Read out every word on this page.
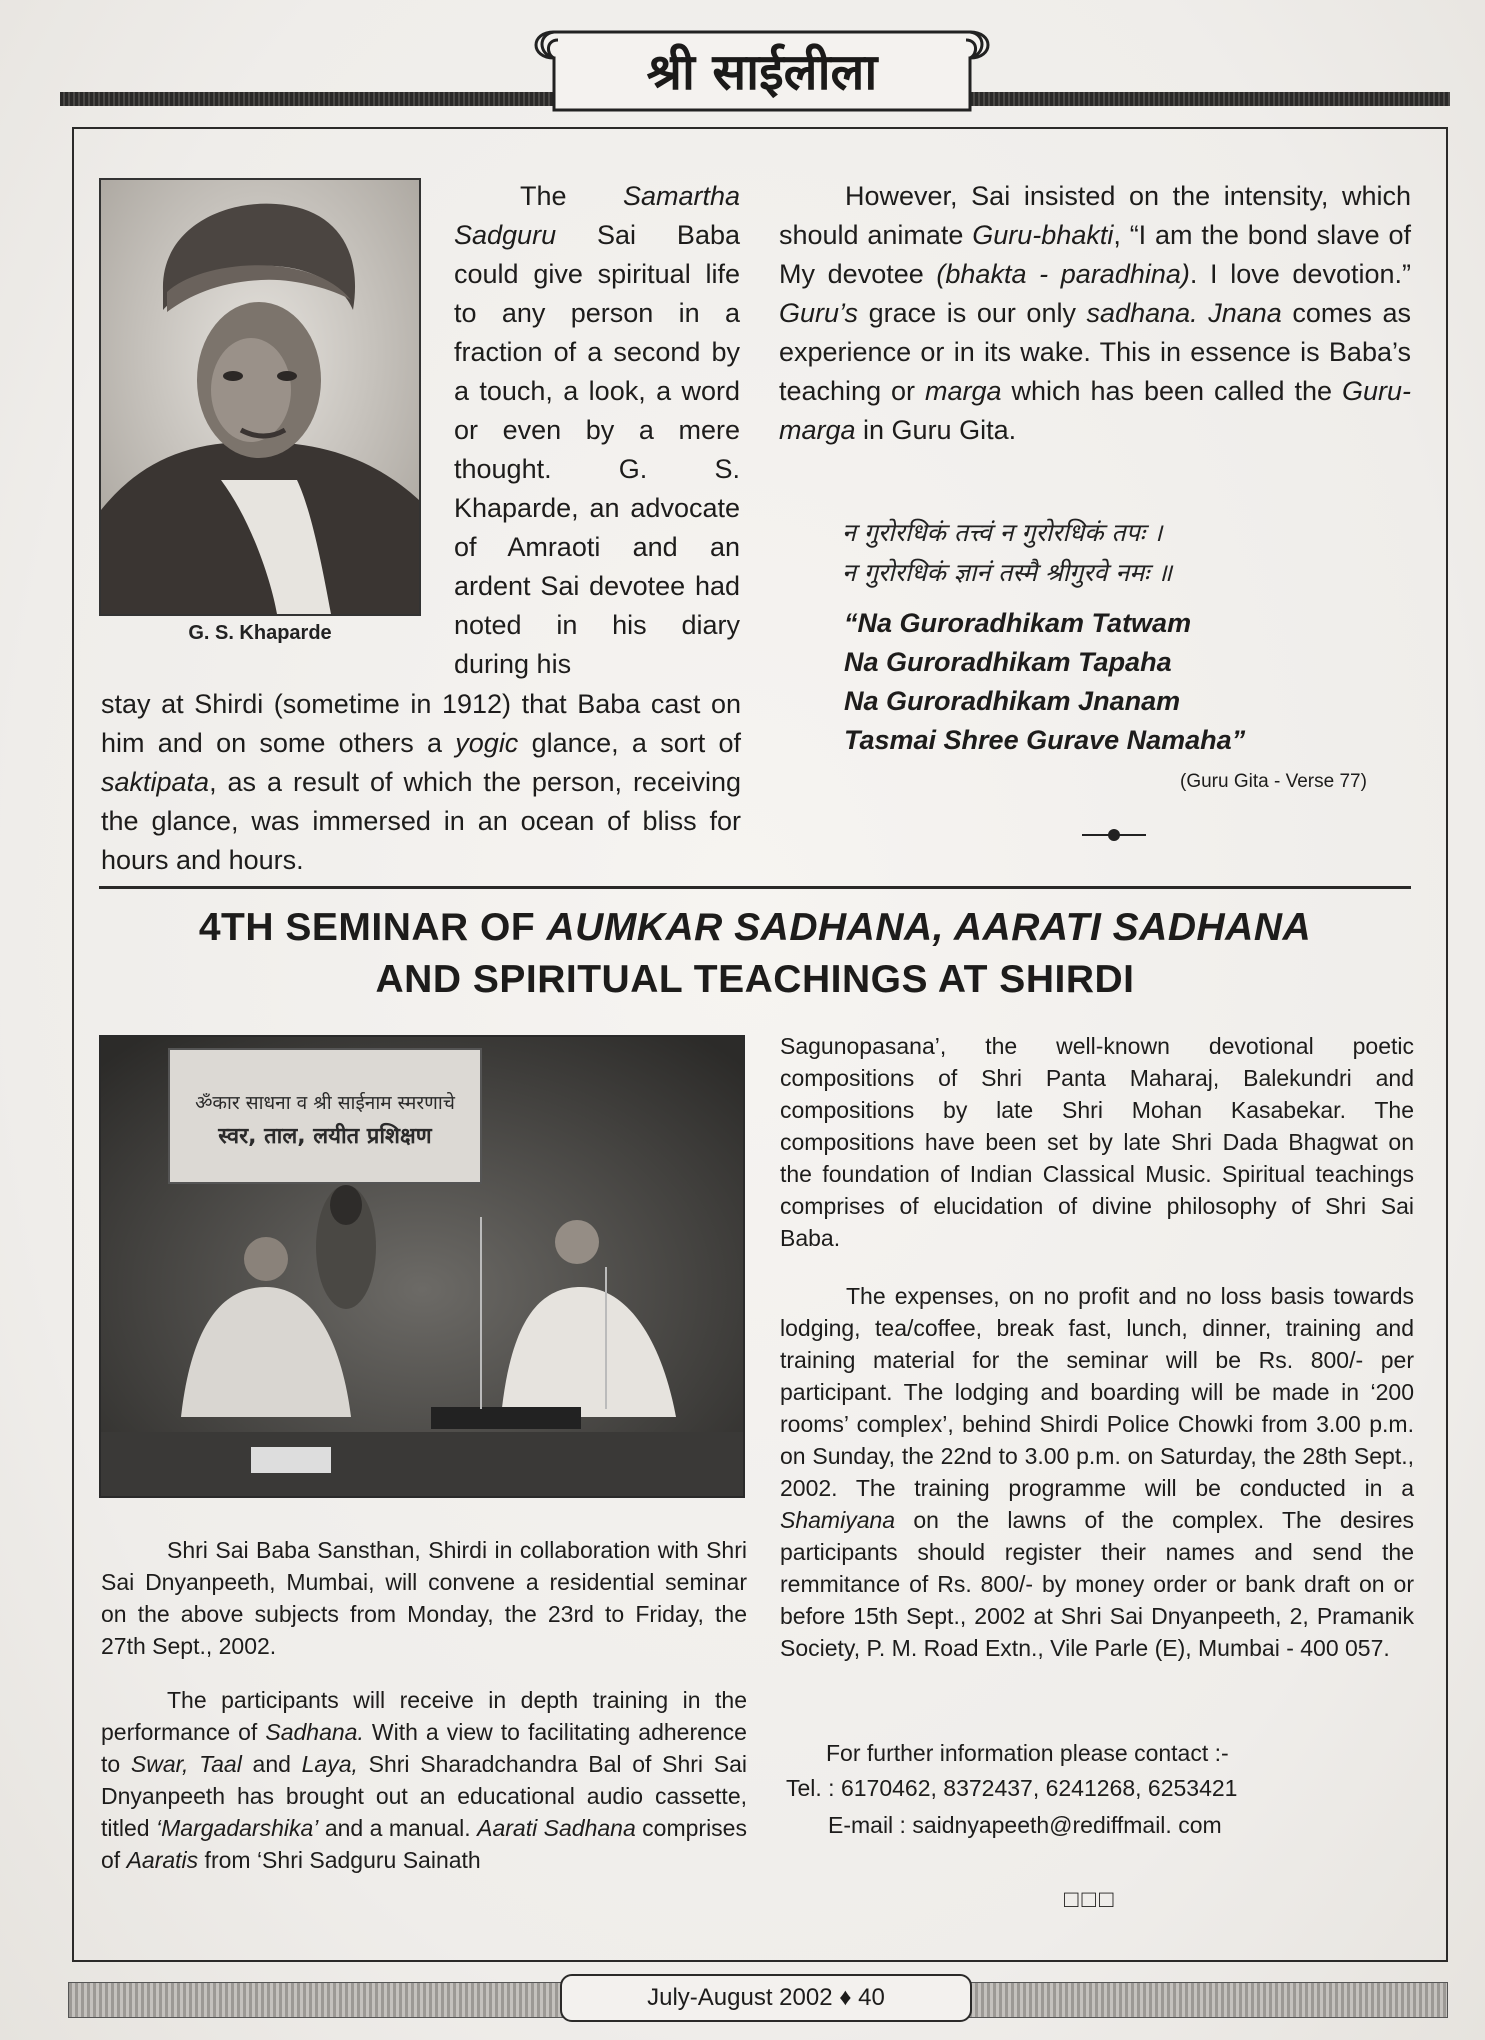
श्री साईलीला
G. S. Khaparde

The Samartha Sadguru Sai Baba could give spiritual life to any person in a fraction of a second by a touch, a look, a word or even by a mere thought. G. S. Khaparde, an advocate of Amraoti and an ardent Sai devotee had noted in his diary during his

stay at Shirdi (sometime in 1912) that Baba cast on him and on some others a yogic glance, a sort of saktipata, as a result of which the person, receiving the glance, was immersed in an ocean of bliss for hours and hours.

However, Sai insisted on the intensity, which should animate Guru-bhakti, “I am the bond slave of My devotee (bhakta - paradhina). I love devotion.” Guru’s grace is our only sadhana. Jnana comes as experience or in its wake. This in essence is Baba’s teaching or marga which has been called the Guru-marga in Guru Gita.

न गुरोरधिकं तत्त्वं न गुरोरधिकं तपः ।
न गुरोरधिकं ज्ञानं तस्मै श्रीगुरवे नमः ॥
“Na Guroradhikam Tatwam
Na Guroradhikam Tapaha
Na Guroradhikam Jnanam
Tasmai Shree Gurave Namaha”
(Guru Gita - Verse 77)
4TH SEMINAR OF AUMKAR SADHANA, AARATI SADHANA
AND SPIRITUAL TEACHINGS AT SHIRDI
ॐकार साधना व श्री साईनाम स्मरणाचे
स्वर, ताल, लयीत प्रशिक्षण

Shri Sai Baba Sansthan, Shirdi in collaboration with Shri Sai Dnyanpeeth, Mumbai, will convene a residential seminar on the above subjects from Monday, the 23rd to Friday, the 27th Sept., 2002.

The participants will receive in depth training in the performance of Sadhana. With a view to facilitating adherence to Swar, Taal and Laya, Shri Sharadchandra Bal of Shri Sai Dnyanpeeth has brought out an educational audio cassette, titled ‘Margadarshika’ and a manual. Aarati Sadhana comprises of Aaratis from ‘Shri Sadguru Sainath

Sagunopasana’, the well-known devotional poetic compositions of Shri Panta Maharaj, Balekundri and compositions by late Shri Mohan Kasabekar. The compositions have been set by late Shri Dada Bhagwat on the foundation of Indian Classical Music. Spiritual teachings comprises of elucidation of divine philosophy of Shri Sai Baba.

The expenses, on no profit and no loss basis towards lodging, tea/coffee, break fast, lunch, dinner, training and training material for the seminar will be Rs. 800/- per participant. The lodging and boarding will be made in ‘200 rooms’ complex’, behind Shirdi Police Chowki from 3.00 p.m. on Sunday, the 22nd to 3.00 p.m. on Saturday, the 28th Sept., 2002. The training programme will be conducted in a Shamiyana on the lawns of the complex. The desires participants should register their names and send the remmitance of Rs. 800/- by money order or bank draft on or before 15th Sept., 2002 at Shri Sai Dnyanpeeth, 2, Pramanik Society, P. M. Road Extn., Vile Parle (E), Mumbai - 400 057.

For further information please contact :-
Tel. : 6170462, 8372437, 6241268, 6253421
E-mail : saidnyapeeth@rediffmail. com
□□□
July-August 2002 ♦ 40
